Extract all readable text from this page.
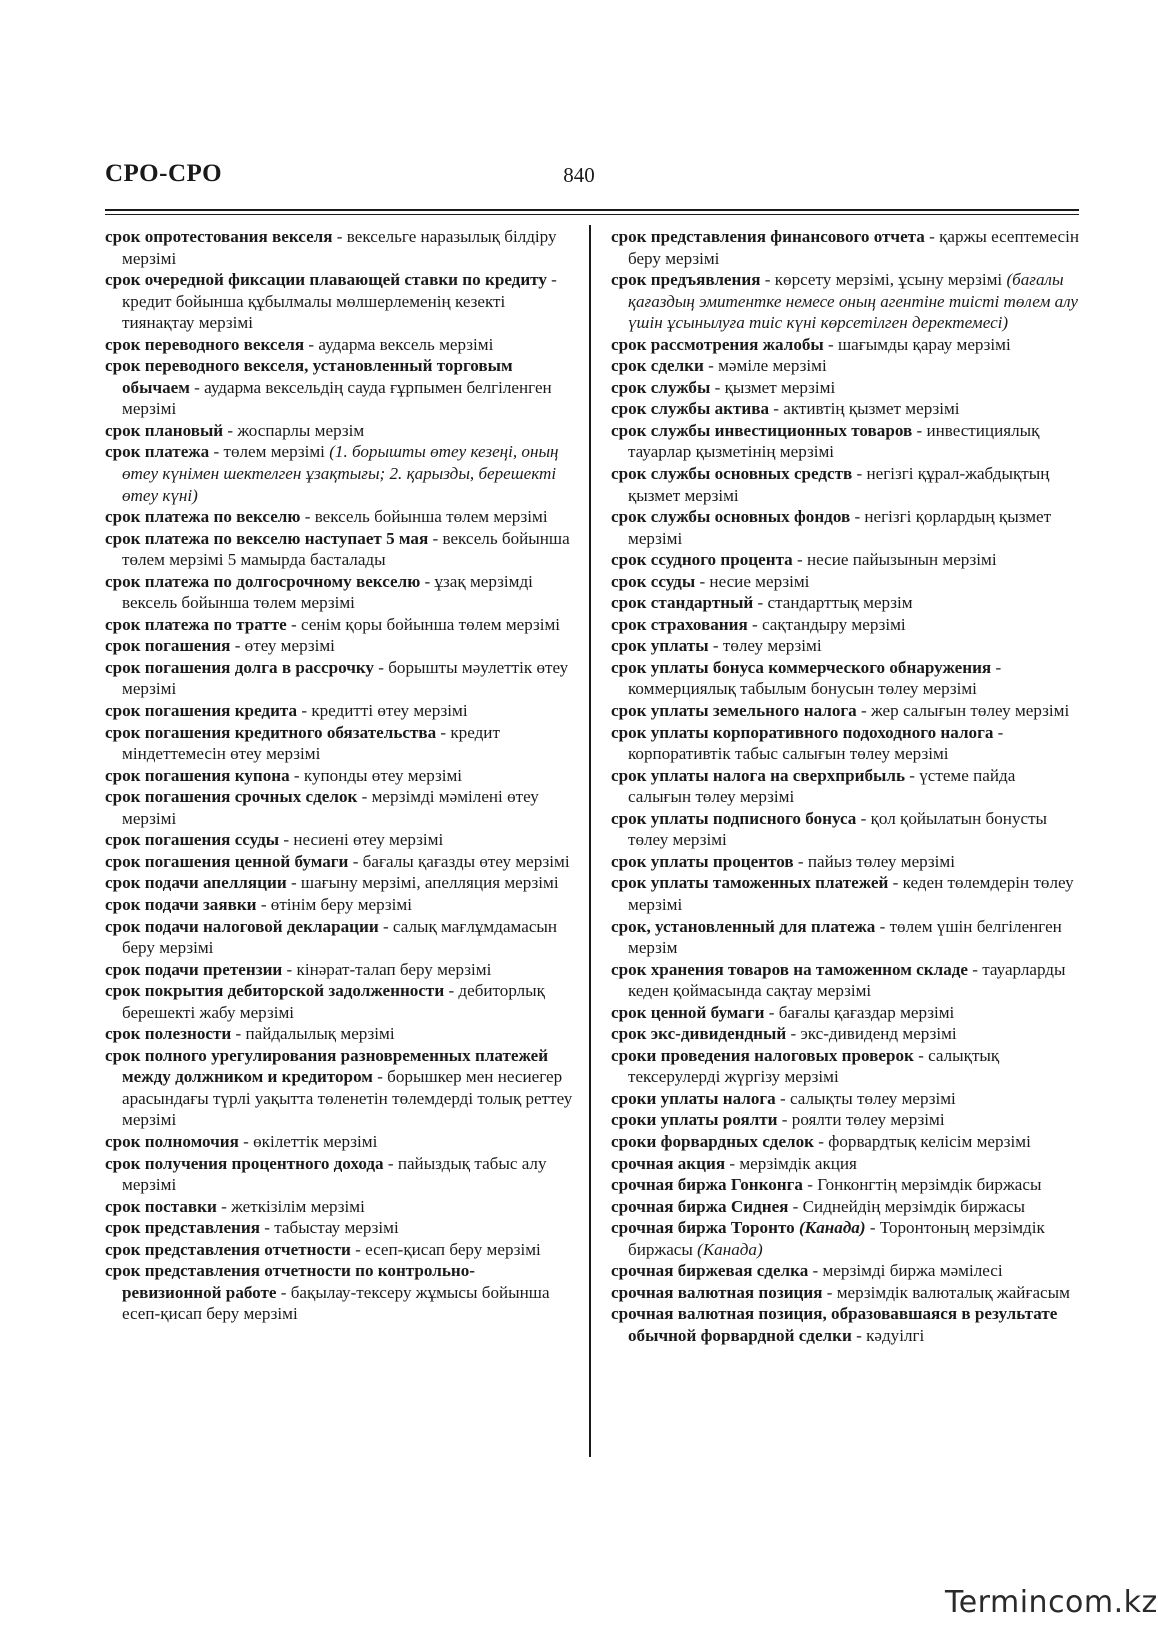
СРО-СРО	840
срок опротестования векселя - вексельге наразылық білдіру мерзімі
срок очередной фиксации плавающей ставки по кредиту - кредит бойынша құбылмалы мөлшерлеменің кезекті тиянақтау мерзімі
срок переводного векселя - аударма вексель мерзімі
срок переводного векселя, установленный торговым обычаем - аударма вексельдің сауда ғұрпымен белгіленген мерзімі
срок плановый - жоспарлы мерзім
срок платежа - төлем мерзімі (1. борышты өтеу кезеңі, оның өтеу күнімен шектелген ұзақтығы; 2. қарызды, берешекті өтеу күні)
срок платежа по векселю - вексель бойынша төлем мерзімі
срок платежа по векселю наступает 5 мая - вексель бойынша төлем мерзімі 5 мамырда басталады
срок платежа по долгосрочному векселю - ұзақ мерзімді вексель бойынша төлем мерзімі
срок платежа по тратте - сенім қоры бойынша төлем мерзімі
срок погашения - өтеу мерзімі
срок погашения долга в рассрочку - борышты мәулеттік өтеу мерзімі
срок погашения кредита - кредитті өтеу мерзімі
срок погашения кредитного обязательства - кредит міндеттемесін өтеу мерзімі
срок погашения купона - купонды өтеу мерзімі
срок погашения срочных сделок - мерзімді мәмілені өтеу мерзімі
срок погашения ссуды - несиені өтеу мерзімі
срок погашения ценной бумаги - бағалы қағазды өтеу мерзімі
срок подачи апелляции - шағыну мерзімі, апелляция мерзімі
срок подачи заявки - өтінім беру мерзімі
срок подачи налоговой декларации - салық мағлұмдамасын беру мерзімі
срок подачи претензии - кінәрат-талап беру мерзімі
срок покрытия дебиторской задолженности - дебиторлық берешекті жабу мерзімі
срок полезности - пайдалылық мерзімі
срок полного урегулирования разновременных платежей между должником и кредитором - борышкер мен несиегер арасындағы түрлі уақытта төленетін төлемдерді толық реттеу мерзімі
срок полномочия - өкілеттік мерзімі
срок получения процентного дохода - пайыздық табыс алу мерзімі
срок поставки - жеткізілім мерзімі
срок представления - табыстау мерзімі
срок представления отчетности - есеп-қисап беру мерзімі
срок представления отчетности по контрольно-ревизионной работе - бақылау-тексеру жұмысы бойынша есеп-қисап беру мерзімі
срок представления финансового отчета - қаржы есептемесін беру мерзімі
срок предъявления - көрсету мерзімі, ұсыну мерзімі (бағалы қағаздың эмитентке немесе оның агентіне тиісті төлем алу үшін ұсынылуға тиіс күні көрсетілген деректемесі)
срок рассмотрения жалобы - шағымды қарау мерзімі
срок сделки - мәміле мерзімі
срок службы - қызмет мерзімі
срок службы актива - активтің қызмет мерзімі
срок службы инвестиционных товаров - инвестициялық тауарлар қызметінің мерзімі
срок службы основных средств - негізгі құрал-жабдықтың қызмет мерзімі
срок службы основных фондов - негізгі қорлардың қызмет мерзімі
срок ссудного процента - несие пайызынын мерзімі
срок ссуды - несие мерзімі
срок стандартный - стандарттық мерзім
срок страхования - сақтандыру мерзімі
срок уплаты - төлеу мерзімі
срок уплаты бонуса коммерческого обнаружения - коммерциялық табылым бонусын төлеу мерзімі
срок уплаты земельного налога - жер салығын төлеу мерзімі
срок уплаты корпоративного подоходного налога - корпоративтік табыс салығын төлеу мерзімі
срок уплаты налога на сверхприбыль - үстеме пайда салығын төлеу мерзімі
срок уплаты подписного бонуса - қол қойылатын бонусты төлеу мерзімі
срок уплаты процентов - пайыз төлеу мерзімі
срок уплаты таможенных платежей - кеден төлемдерін төлеу мерзімі
срок, установленный для платежа - төлем үшін белгіленген мерзім
срок хранения товаров на таможенном складе - тауарларды кеден қоймасында сақтау мерзімі
срок ценной бумаги - бағалы қағаздар мерзімі
срок экс-дивидендный - экс-дивиденд мерзімі
сроки проведения налоговых проверок - салықтық тексерулерді жүргізу мерзімі
сроки уплаты налога - салықты төлеу мерзімі
сроки уплаты роялти - роялти төлеу мерзімі
сроки форвардных сделок - форвардтық келісім мерзімі
срочная акция - мерзімдік акция
срочная биржа Гонконга - Гонконгтің мерзімдік биржасы
срочная биржа Сиднея - Сиднейдің мерзімдік биржасы
срочная биржа Торонто (Канада) - Торонтоның мерзімдік биржасы (Канада)
срочная биржевая сделка - мерзімді биржа мәмілесі
срочная валютная позиция - мерзімдік валюталық жайғасым
срочная валютная позиция, образовавшаяся в результате обычной форвардной сделки - кәдуілгі
Termincom.kz
